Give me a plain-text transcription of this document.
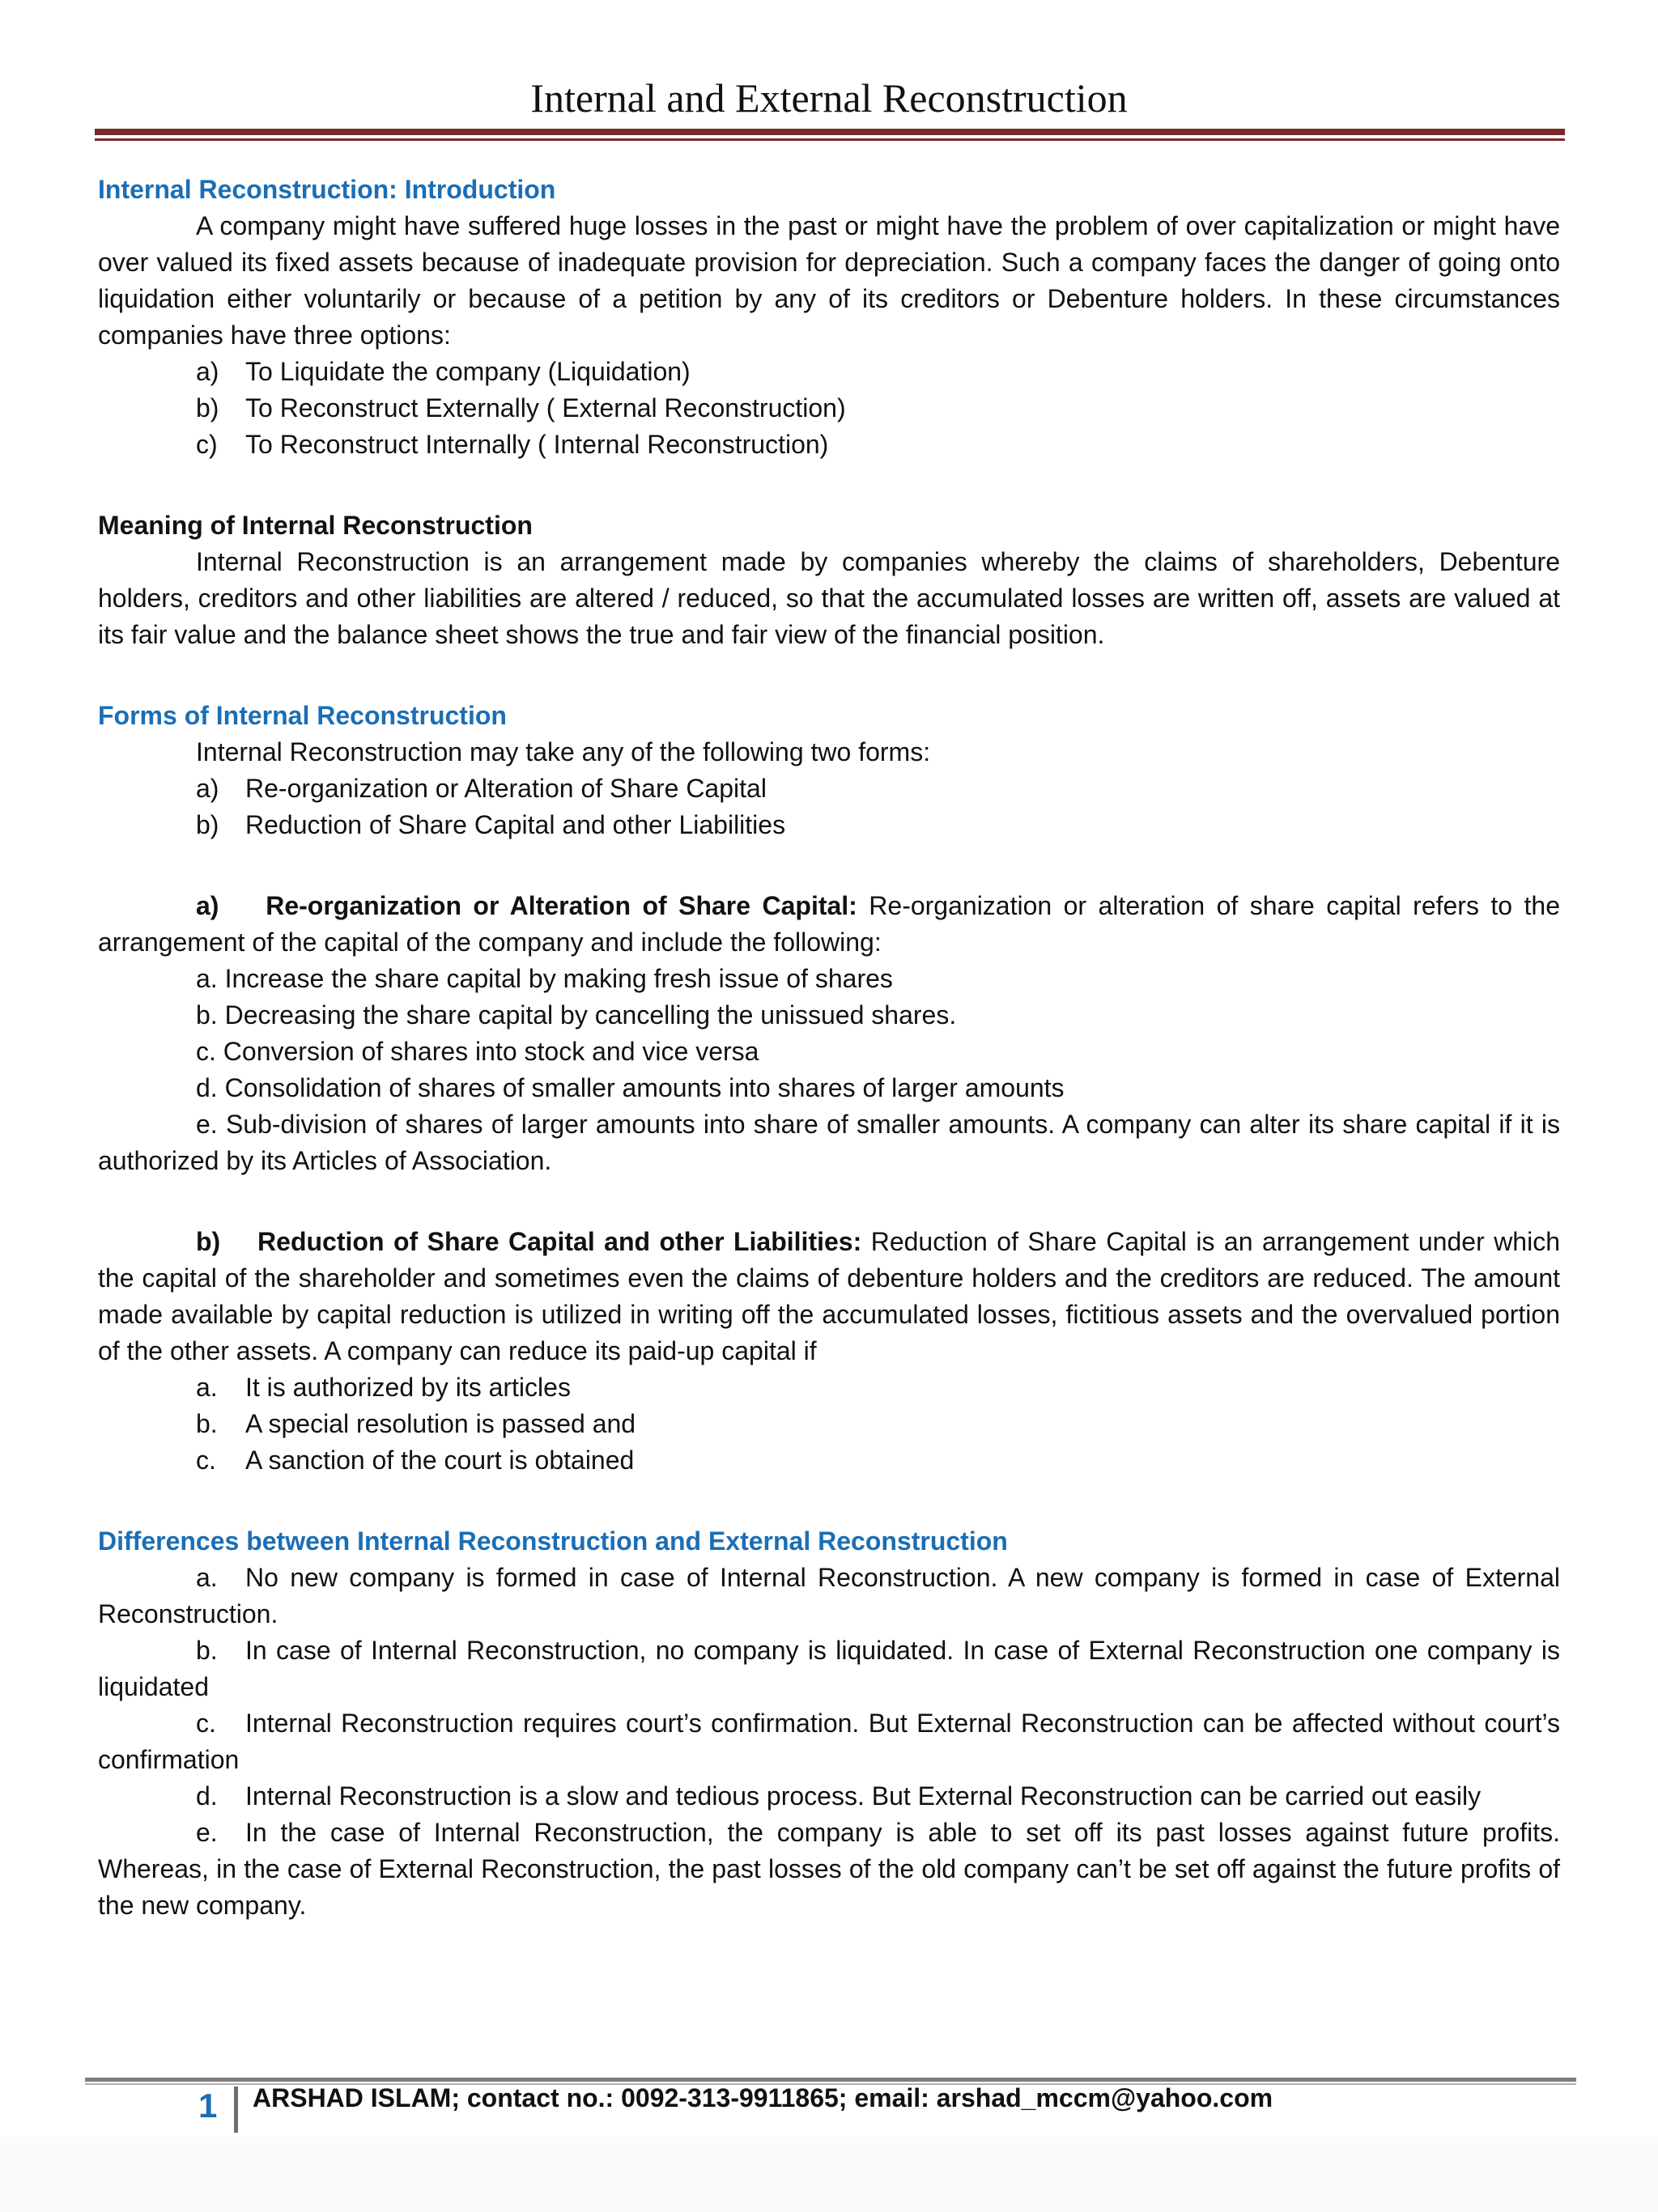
Internal and External Reconstruction
Internal Reconstruction: Introduction
A company might have suffered huge losses in the past or might have the problem of over capitalization or might have over valued its fixed assets because of inadequate provision for depreciation. Such a company faces the danger of going onto liquidation either voluntarily or because of a petition by any of its creditors or Debenture holders. In these circumstances companies have three options:
a) To Liquidate the company (Liquidation)
b) To Reconstruct Externally ( External Reconstruction)
c) To Reconstruct Internally ( Internal Reconstruction)
Meaning of Internal Reconstruction
Internal Reconstruction is an arrangement made by companies whereby the claims of shareholders, Debenture holders, creditors and other liabilities are altered / reduced, so that the accumulated losses are written off, assets are valued at its fair value and the balance sheet shows the true and fair view of the financial position.
Forms of Internal Reconstruction
Internal Reconstruction may take any of the following two forms:
a) Re-organization or Alteration of Share Capital
b) Reduction of Share Capital and other Liabilities
a)    Re-organization or Alteration of Share Capital: Re-organization or alteration of share capital refers to the arrangement of the capital of the company and include the following:
a. Increase the share capital by making fresh issue of shares
b. Decreasing the share capital by cancelling the unissued shares.
c. Conversion of shares into stock and vice versa
d. Consolidation of shares of smaller amounts into shares of larger amounts
e. Sub-division of shares of larger amounts into share of smaller amounts. A company can alter its share capital if it is authorized by its Articles of Association.
b)    Reduction of Share Capital and other Liabilities: Reduction of Share Capital is an arrangement under which the capital of the shareholder and sometimes even the claims of debenture holders and the creditors are reduced. The amount made available by capital reduction is utilized in writing off the accumulated losses, fictitious assets and the overvalued portion of the other assets. A company can reduce its paid-up capital if
a. It is authorized by its articles
b. A special resolution is passed and
c. A sanction of the court is obtained
Differences between Internal Reconstruction and External Reconstruction
a. No new company is formed in case of Internal Reconstruction. A new company is formed in case of External Reconstruction.
b. In case of Internal Reconstruction, no company is liquidated. In case of External Reconstruction one company is liquidated
c. Internal Reconstruction requires court’s confirmation. But External Reconstruction can be affected without court’s confirmation
d. Internal Reconstruction is a slow and tedious process. But External Reconstruction can be carried out easily
e. In the case of Internal Reconstruction, the company is able to set off its past losses against future profits. Whereas, in the case of External Reconstruction, the past losses of the old company can’t be set off against the future profits of the new company.
1 ARSHAD ISLAM; contact no.: 0092-313-9911865; email: arshad_mccm@yahoo.com
